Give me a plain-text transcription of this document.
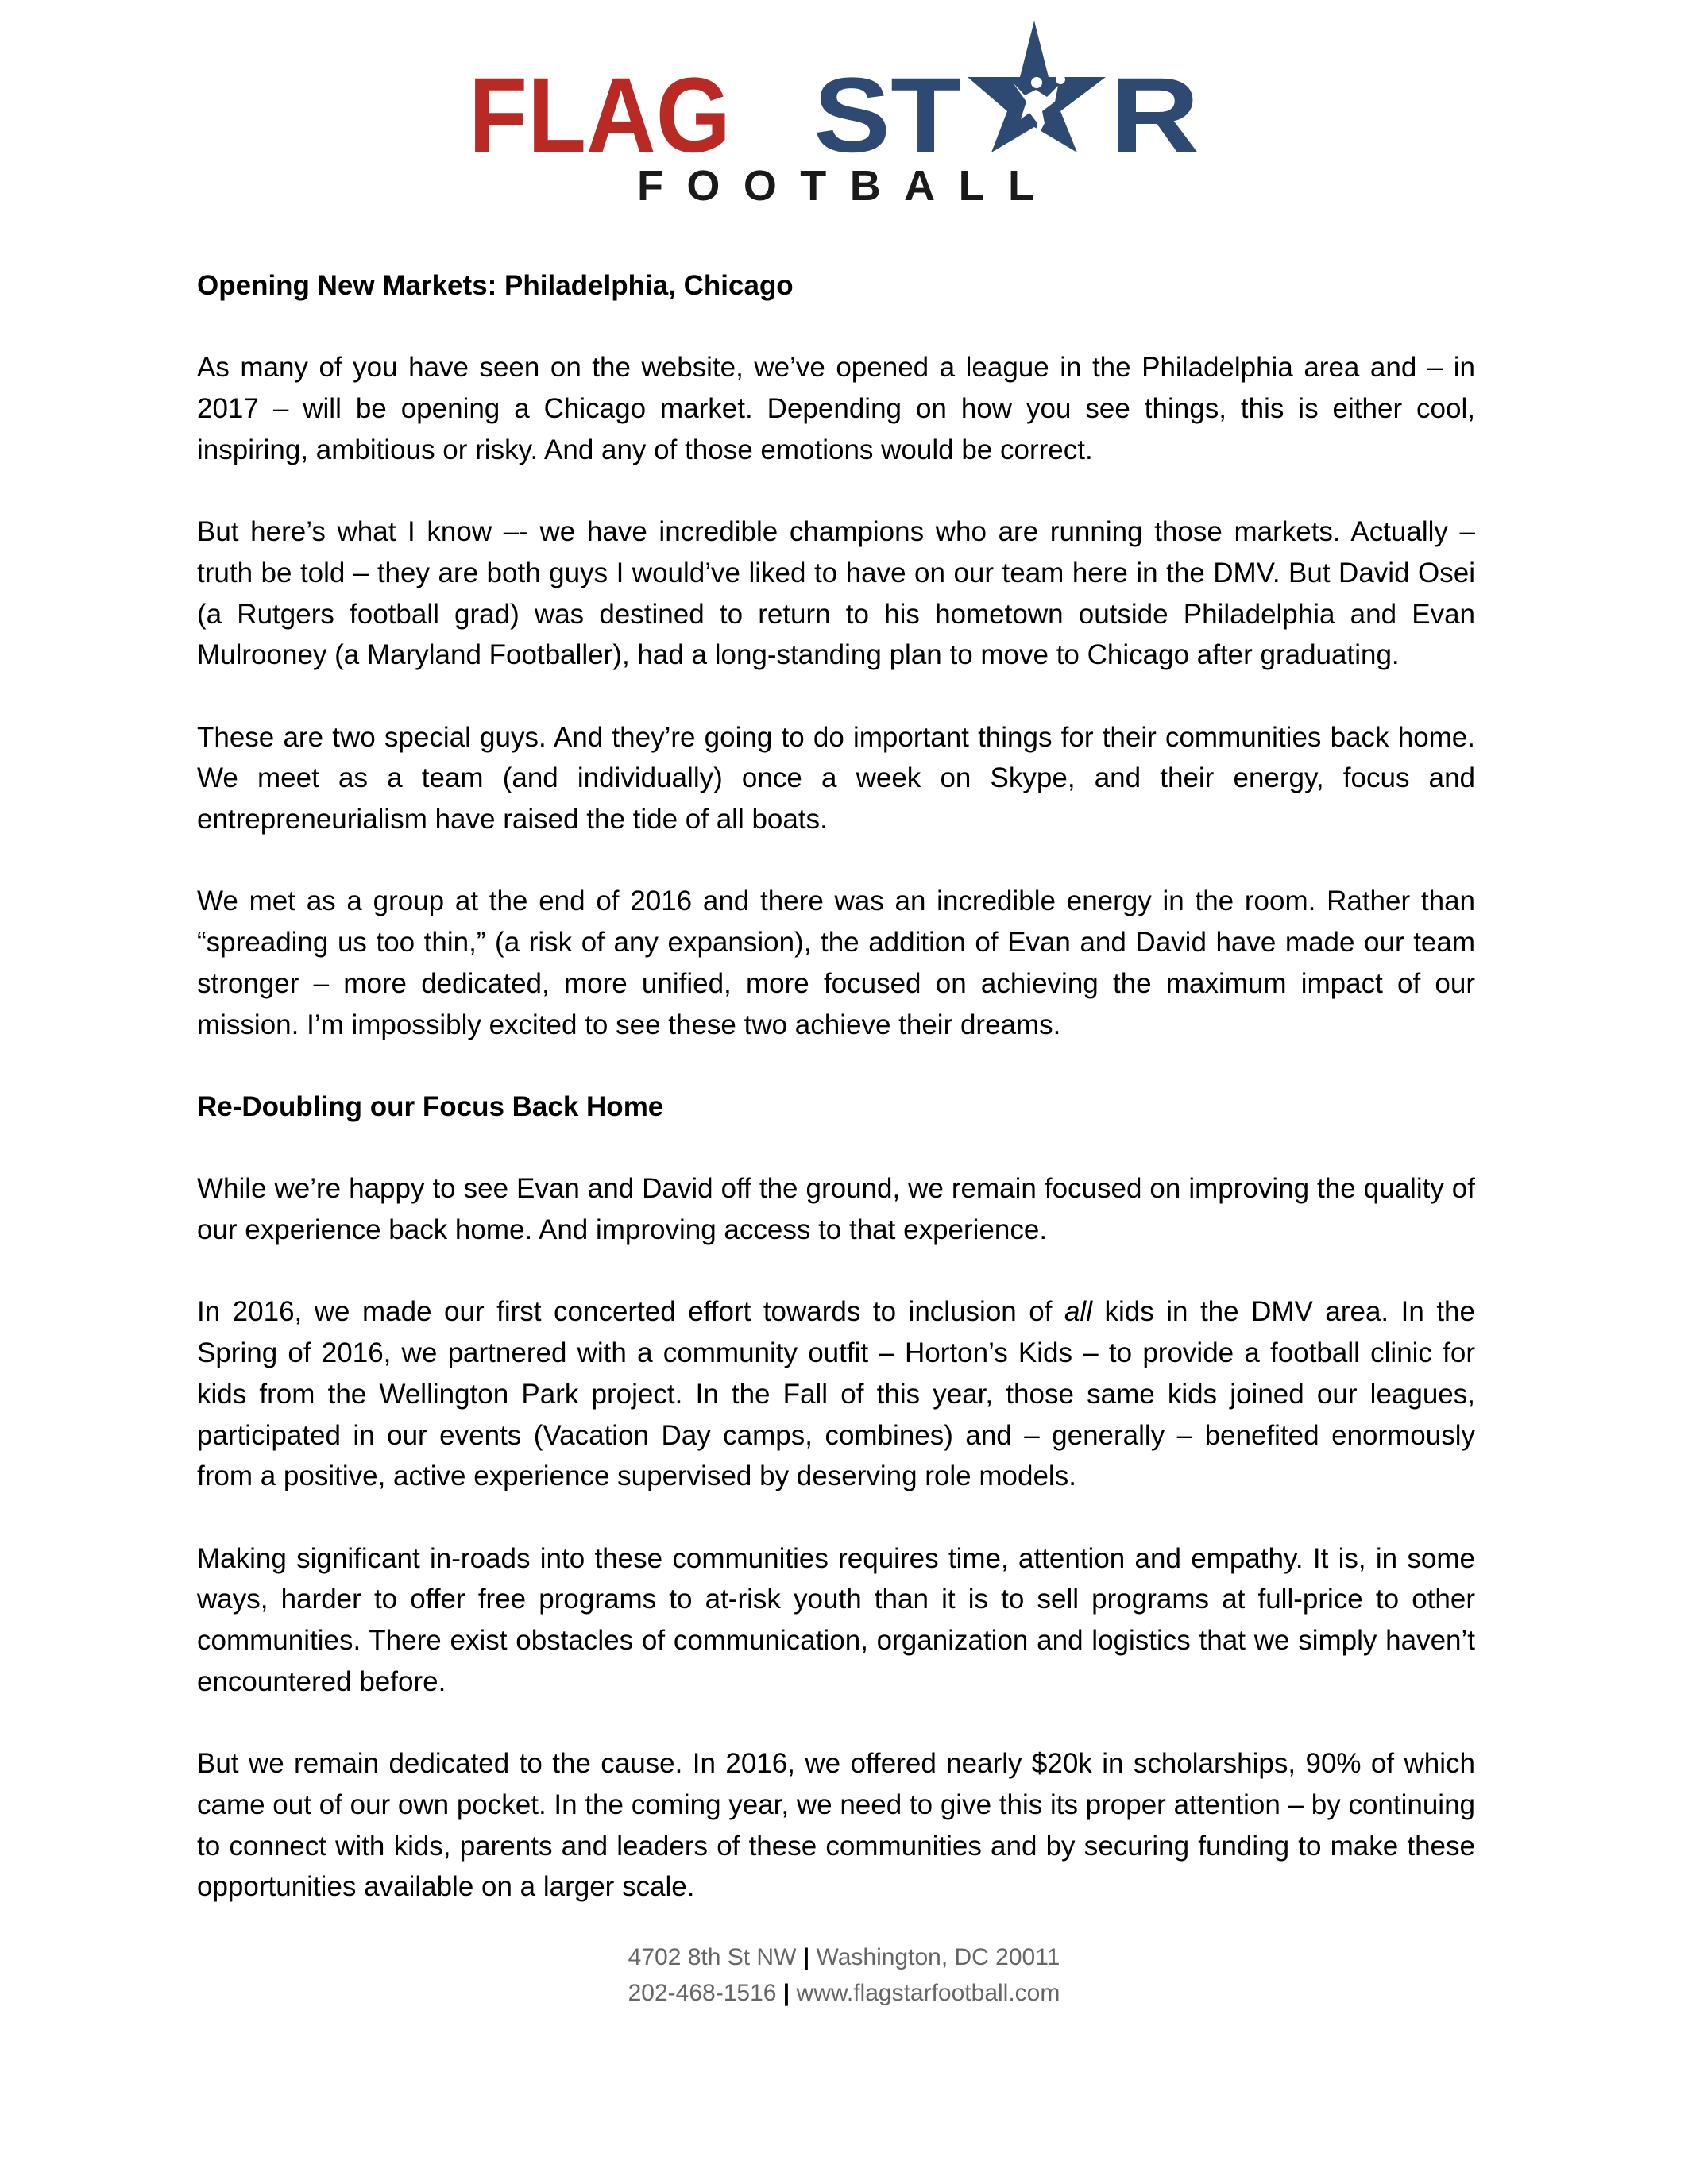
FLAG ST R
FOOTBALL
Opening New Markets: Philadelphia, Chicago

As many of you have seen on the website, we’ve opened a league in the Philadelphia area and – in 2017 – will be opening a Chicago market. Depending on how you see things, this is either cool, inspiring, ambitious or risky. And any of those emotions would be correct.

But here’s what I know –- we have incredible champions who are running those markets. Actually – truth be told – they are both guys I would’ve liked to have on our team here in the DMV. But David Osei (a Rutgers football grad) was destined to return to his hometown outside Philadelphia and Evan Mulrooney (a Maryland Footballer), had a long-standing plan to move to Chicago after graduating.

These are two special guys. And they’re going to do important things for their communities back home. We meet as a team (and individually) once a week on Skype, and their energy, focus and entrepreneurialism have raised the tide of all boats.

We met as a group at the end of 2016 and there was an incredible energy in the room. Rather than “spreading us too thin,” (a risk of any expansion), the addition of Evan and David have made our team stronger – more dedicated, more unified, more focused on achieving the maximum impact of our mission. I’m impossibly excited to see these two achieve their dreams.

Re-Doubling our Focus Back Home

While we’re happy to see Evan and David off the ground, we remain focused on improving the quality of our experience back home. And improving access to that experience.

In 2016, we made our first concerted effort towards to inclusion of all kids in the DMV area. In the Spring of 2016, we partnered with a community outfit – Horton’s Kids – to provide a football clinic for kids from the Wellington Park project. In the Fall of this year, those same kids joined our leagues, participated in our events (Vacation Day camps, combines) and – generally – benefited enormously from a positive, active experience supervised by deserving role models.

Making significant in-roads into these communities requires time, attention and empathy. It is, in some ways, harder to offer free programs to at-risk youth than it is to sell programs at full-price to other communities. There exist obstacles of communication, organization and logistics that we simply haven’t encountered before.

But we remain dedicated to the cause. In 2016, we offered nearly $20k in scholarships, 90% of which came out of our own pocket. In the coming year, we need to give this its proper attention – by continuing to connect with kids, parents and leaders of these communities and by securing funding to make these opportunities available on a larger scale.

4702 8th St NW | Washington, DC 20011
202-468-1516 | www.flagstarfootball.com
